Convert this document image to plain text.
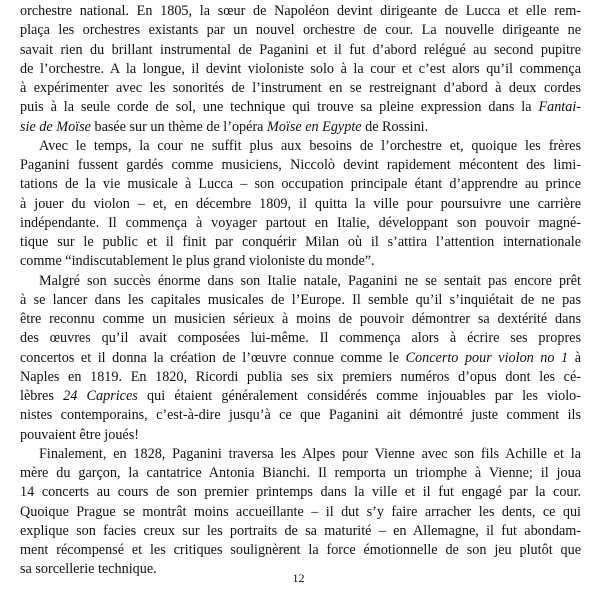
orchestre national. En 1805, la sœur de Napoléon devint dirigeante de Lucca et elle rem-
plaça les orchestres existants par un nouvel orchestre de cour. La nouvelle dirigeante ne
savait rien du brillant instrumental de Paganini et il fut d’abord relégué au second pupitre
de l’orchestre. A la longue, il devint violoniste solo à la cour et c’est alors qu’il commença
à expérimenter avec les sonorités de l’instrument en se restreignant d’abord à deux cordes
puis à la seule corde de sol, une technique qui trouve sa pleine expression dans la Fantai-
sie de Moïse basée sur un thème de l’opéra Moïse en Egypte de Rossini.
Avec le temps, la cour ne suffit plus aux besoins de l’orchestre et, quoique les frères
Paganini fussent gardés comme musiciens, Niccolò devint rapidement mécontent des limi-
tations de la vie musicale à Lucca – son occupation principale étant d’apprendre au prince
à jouer du violon – et, en décembre 1809, il quitta la ville pour poursuivre une carrière
indépendante. Il commença à voyager partout en Italie, développant son pouvoir magné-
tique sur le public et il finit par conquérir Milan où il s’attira l’attention internationale
comme “indiscutablement le plus grand violoniste du monde”.
Malgré son succès énorme dans son Italie natale, Paganini ne se sentait pas encore prêt
à se lancer dans les capitales musicales de l’Europe. Il semble qu’il s’inquiétait de ne pas
être reconnu comme un musicien sérieux à moins de pouvoir démontrer sa dextérité dans
des œuvres qu’il avait composées lui-même. Il commença alors à écrire ses propres
concertos et il donna la création de l’œuvre connue comme le Concerto pour violon no 1 à
Naples en 1819. En 1820, Ricordi publia ses six premiers numéros d’opus dont les cé-
lèbres 24 Caprices qui étaient généralement considérés comme injouables par les violo-
nistes contemporains, c’est-à-dire jusqu’à ce que Paganini ait démontré juste comment ils
pouvaient être joués!
Finalement, en 1828, Paganini traversa les Alpes pour Vienne avec son fils Achille et la
mère du garçon, la cantatrice Antonia Bianchi. Il remporta un triomphe à Vienne; il joua
14 concerts au cours de son premier printemps dans la ville et il fut engagé par la cour.
Quoique Prague se montrât moins accueillante – il dut s’y faire arracher les dents, ce qui
explique son facies creux sur les portraits de sa maturité – en Allemagne, il fut abondam-
ment récompensé et les critiques soulignèrent la force émotionnelle de son jeu plutôt que
sa sorcellerie technique.
12
